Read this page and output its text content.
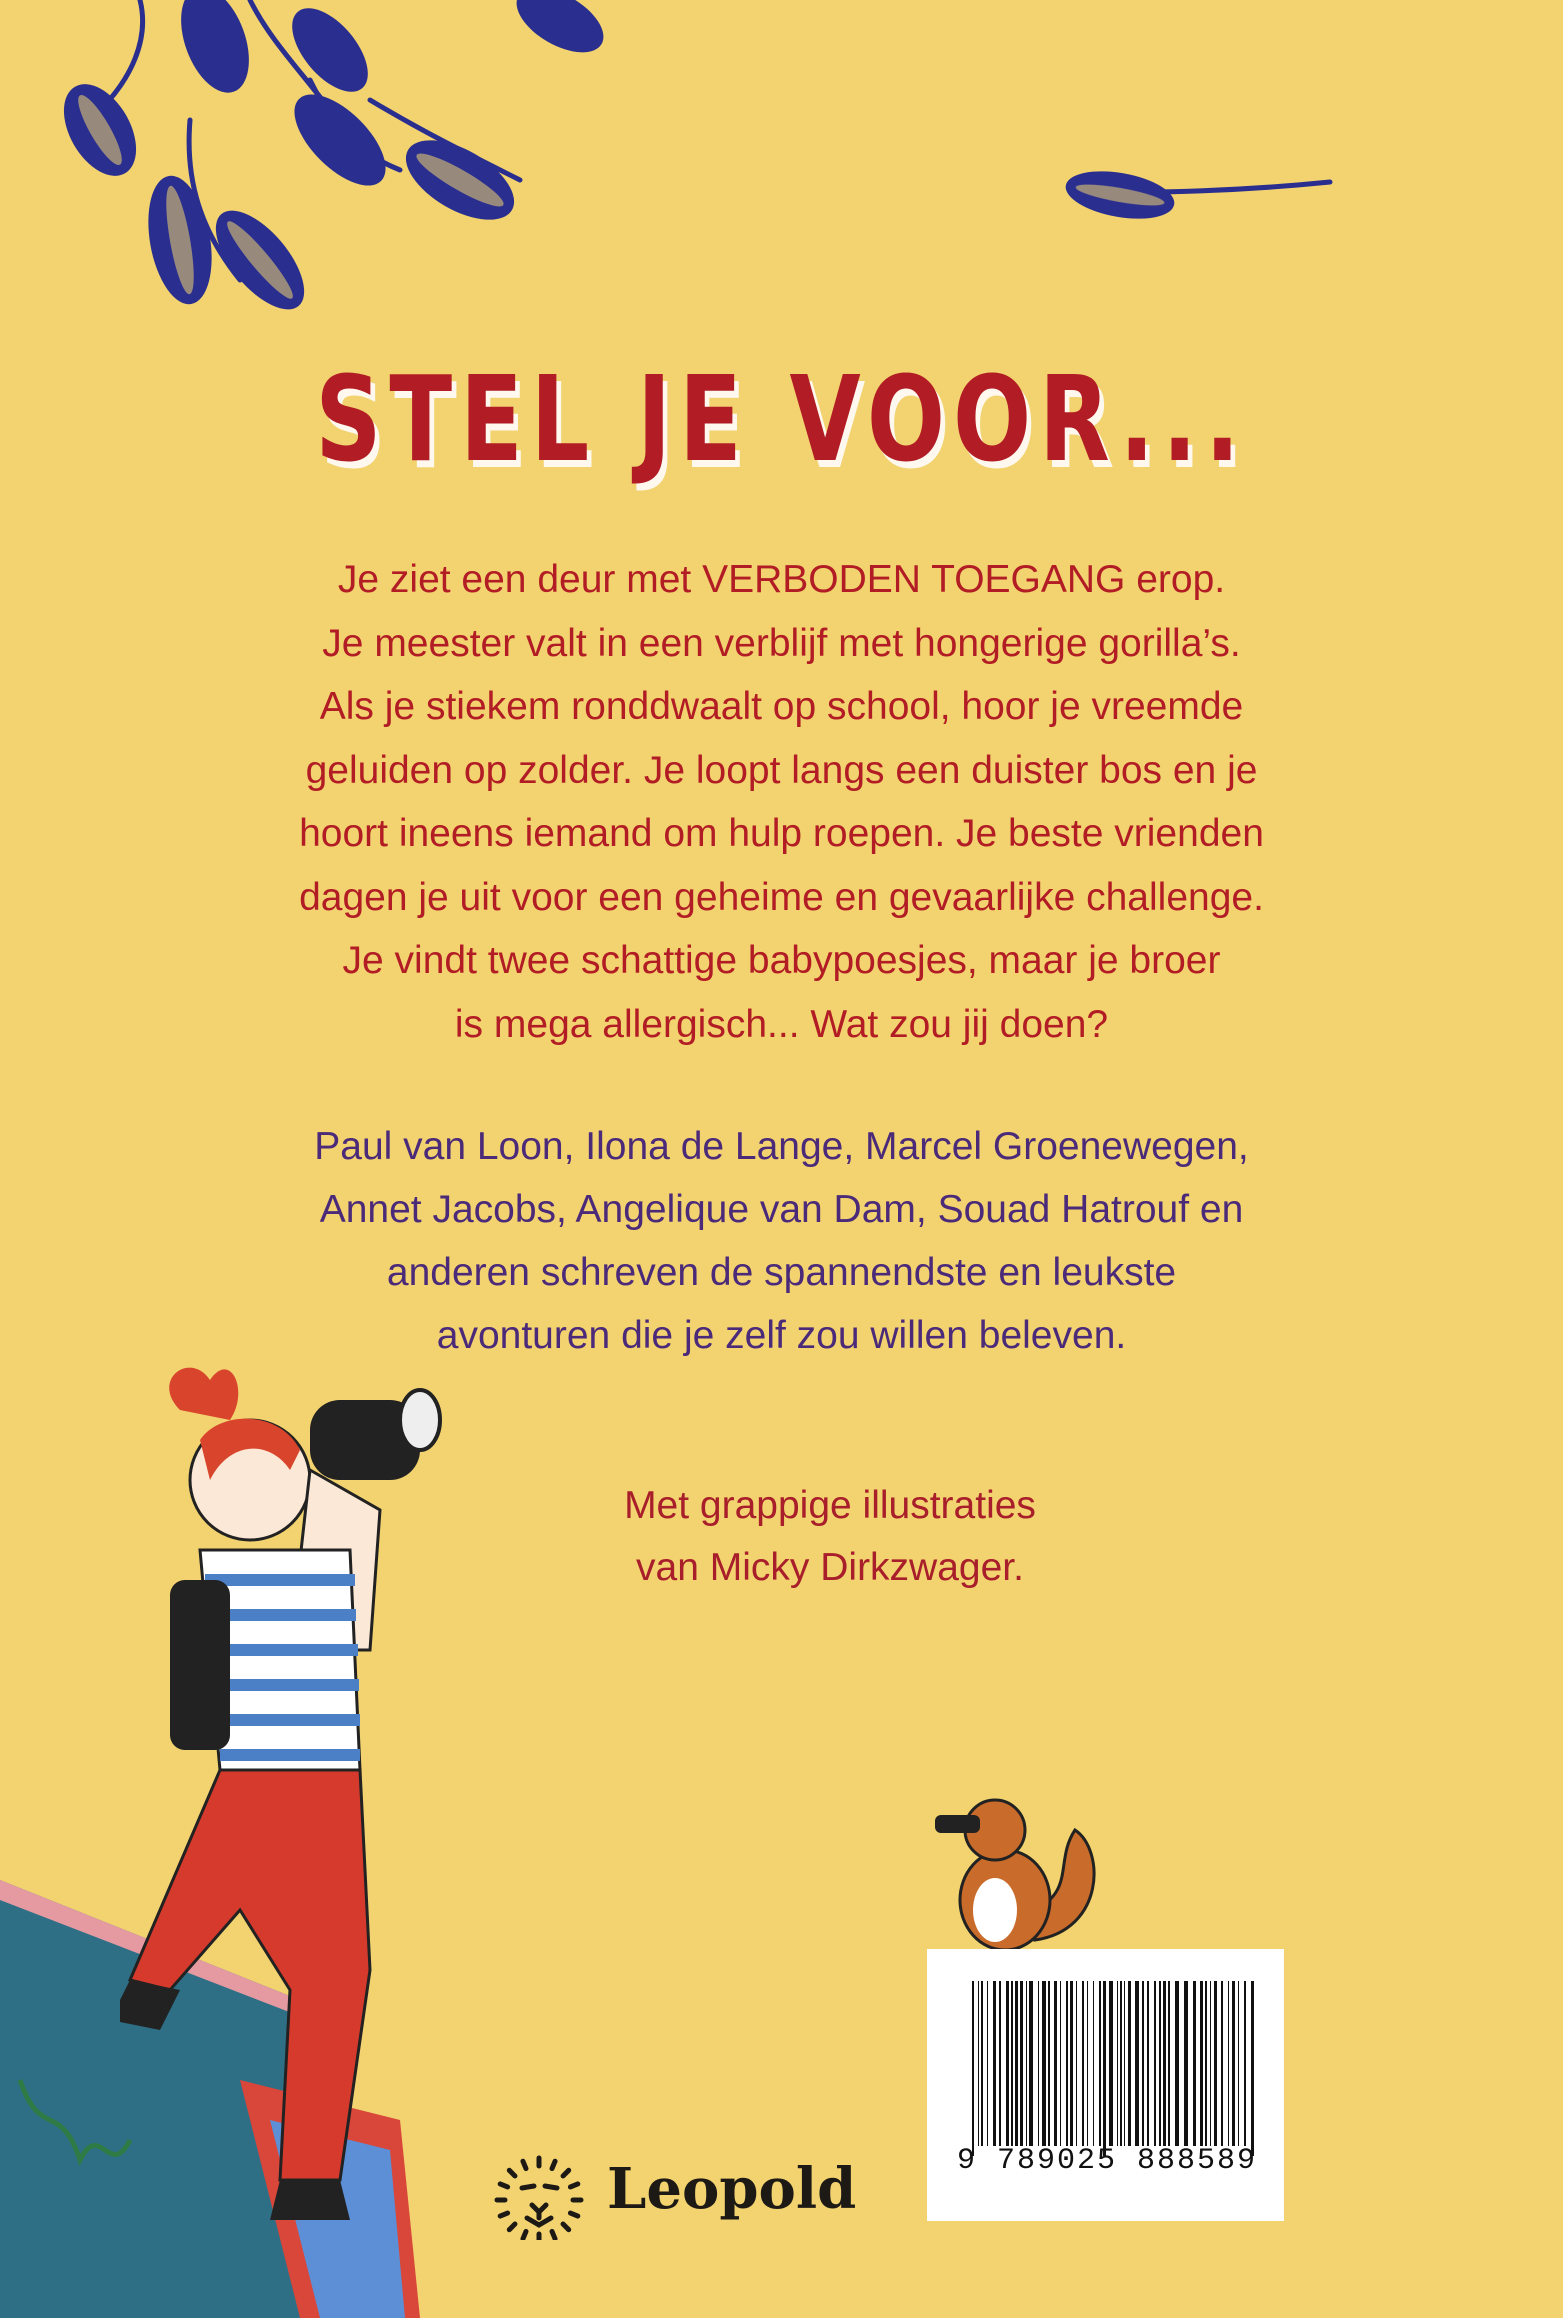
STEL JE VOOR...
Je ziet een deur met VERBODEN TOEGANG erop.
Je meester valt in een verblijf met hongerige gorilla’s.
Als je stiekem ronddwaalt op school, hoor je vreemde
geluiden op zolder. Je loopt langs een duister bos en je
hoort ineens iemand om hulp roepen. Je beste vrienden
dagen je uit voor een geheime en gevaarlijke challenge.
Je vindt twee schattige babypoesjes, maar je broer
is mega allergisch... Wat zou jij doen?
Paul van Loon, Ilona de Lange, Marcel Groenewegen,
Annet Jacobs, Angelique van Dam, Souad Hatrouf en
anderen schreven de spannendste en leukste
avonturen die je zelf zou willen beleven.
Met grappige illustraties
van Micky Dirkzwager.
9 789025 888589
Leopold
